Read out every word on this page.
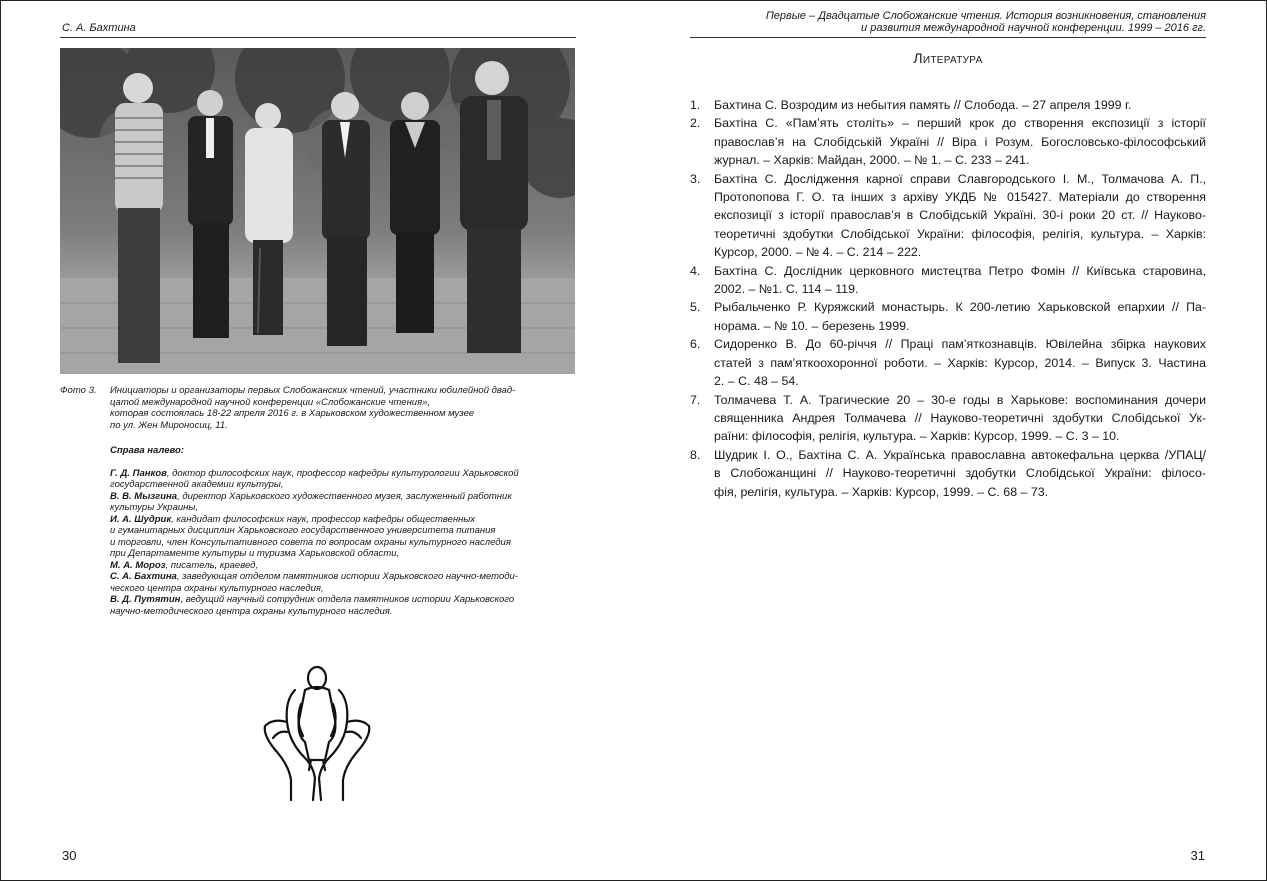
С. А. Бахтина
Фото 3. Инициаторы и организаторы первых Слобожанских чтений, участники юбилейной двад-
цатой международной научной конференции «Слобожанские чтения»,
которая состоялась 18-22 апреля 2016 г. в Харьковском художественном музее
по ул. Жен Мироносиц, 11.
Справа налево:
Г. Д. Панков, доктор философских наук, профессор кафедры культурологии Харьковской
государственной академии культуры,
В. В. Мызгина, директор Харьковского художественного музея, заслуженный работник
культуры Украины,
И. А. Шудрик, кандидат философских наук, профессор кафедры общественных
и гуманитарных дисциплин Харьковского государственного университета питания
и торговли, член Консультативного совета по вопросам охраны культурного наследия
при Департаменте культуры и туризма Харьковской области,
М. А. Мороз, писатель, краевед,
С. А. Бахтина, заведующая отделом памятников истории Харьковского научно-методи-
ческого центра охраны культурного наследия,
В. Д. Путятин, ведущий научный сотрудник отдела памятников истории Харьковского
научно-методического центра охраны культурного наследия.
30
Первые – Двадцатые Слобожанские чтения. История возникновения, становления
и развития международной научной конференции. 1999 – 2016 гг.
Литература
1. Бахтина С. Возродим из небытия память // Слобода. – 27 апреля 1999 г.
2. Бахтіна С. «Пам’ять століть» – перший крок до створення експозиції з історії
православ’я на Слобідській Україні // Віра і Розум. Богословсько-філософський
журнал. – Харків: Майдан, 2000. – № 1. – С. 233 – 241.
3. Бахтіна С. Дослідження карної справи Славгородського І. М., Толмачова А. П.,
Протопопова Г. О. та інших з архіву УКДБ № 015427. Матеріали до створення
експозиції з історії православ’я в Слобідській Україні. 30-і роки 20 ст. // Науково-
теоретичні здобутки Слобідської України: філософія, релігія, культура. – Харків:
Курсор, 2000. – № 4. – С. 214 – 222.
4. Бахтіна С. Дослідник церковного мистецтва Петро Фомін // Київська старовина,
2002. – №1. С. 114 – 119.
5. Рыбальченко Р. Куряжский монастырь. К 200-летию Харьковской епархии // Па-
норама. – № 10. – березень 1999.
6. Сидоренко В. До 60-річчя // Праці пам’яткознавців. Ювілейна збірка наукових
статей з пам’яткоохоронної роботи. – Харків: Курсор, 2014. – Випуск 3. Частина
2. – С. 48 – 54.
7. Толмачева Т. А. Трагические 20 – 30-е годы в Харькове: воспоминания дочери
священника Андрея Толмачева // Науково-теоретичні здобутки Слобідської Ук-
раїни: філософія, релігія, культура. – Харків: Курсор, 1999. – С. 3 – 10.
8. Шудрик І. О., Бахтіна С. А. Українська православна автокефальна церква /УПАЦ/
в Слобожанщині // Науково-теоретичні здобутки Слобідської України: філосо-
фія, релігія, культура. – Харків: Курсор, 1999. – С. 68 – 73.
31
